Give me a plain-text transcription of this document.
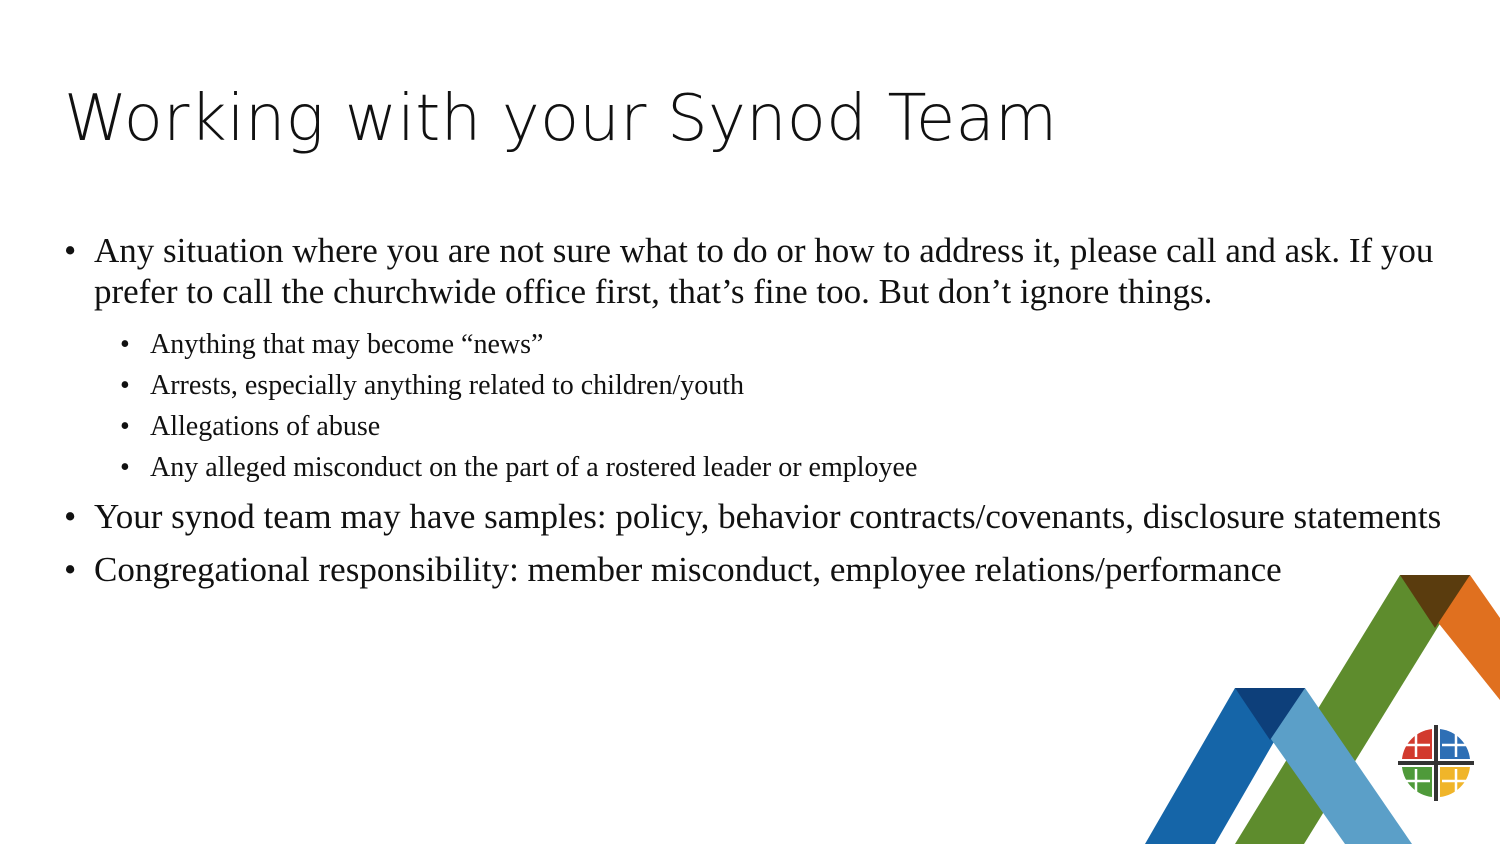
Working with your Synod Team
• Any situation where you are not sure what to do or how to address it, please call and ask. If you prefer to call the churchwide office first, that’s fine too. But don’t ignore things.
• Anything that may become “news”
• Arrests, especially anything related to children/youth
• Allegations of abuse
• Any alleged misconduct on the part of a rostered leader or employee
• Your synod team may have samples: policy, behavior contracts/covenants, disclosure statements
• Congregational responsibility: member misconduct, employee relations/performance
